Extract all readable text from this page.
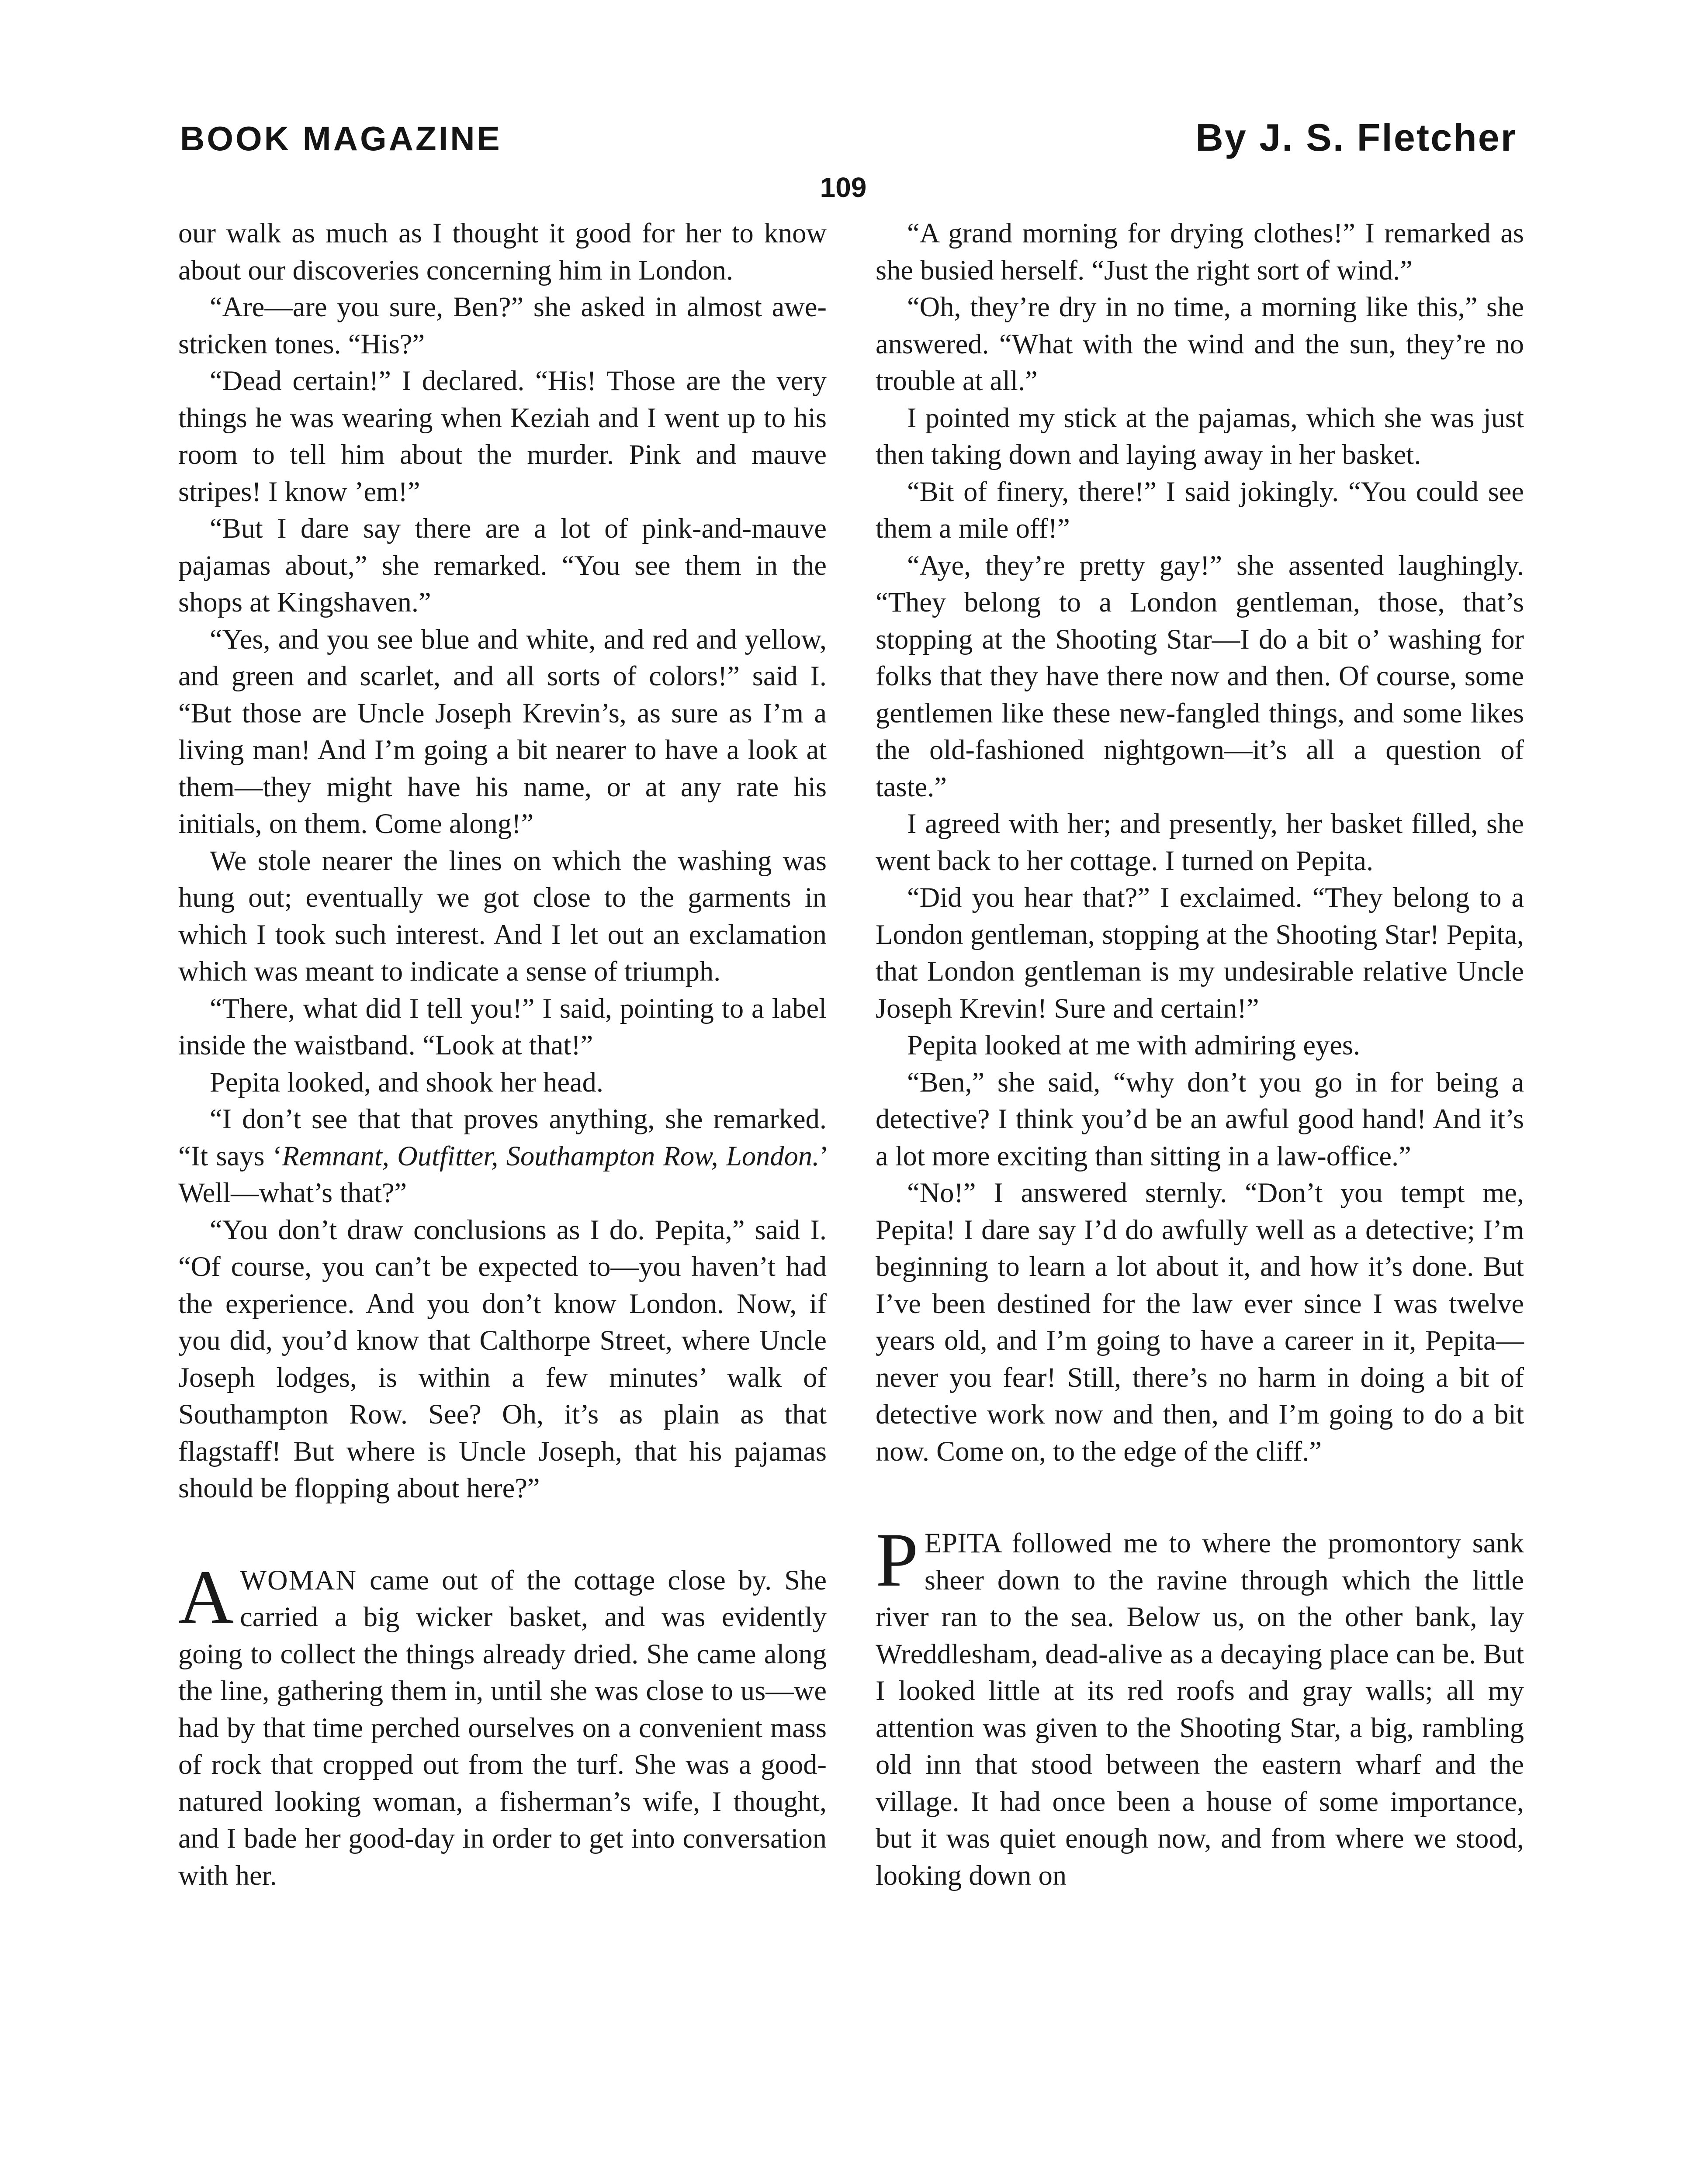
BOOK MAGAZINE	By J. S. Fletcher
109

our walk as much as I thought it good for her to know about our discoveries concerning him in London.

“Are—are you sure, Ben?” she asked in almost awe-stricken tones. “His?”

“Dead certain!” I declared. “His! Those are the very things he was wearing when Keziah and I went up to his room to tell him about the murder. Pink and mauve stripes! I know ’em!”

“But I dare say there are a lot of pink-and-mauve pajamas about,” she remarked. “You see them in the shops at Kingshaven.”

“Yes, and you see blue and white, and red and yellow, and green and scarlet, and all sorts of colors!” said I. “But those are Uncle Joseph Krevin’s, as sure as I’m a living man! And I’m going a bit nearer to have a look at them—they might have his name, or at any rate his initials, on them. Come along!”

We stole nearer the lines on which the washing was hung out; eventually we got close to the garments in which I took such interest. And I let out an exclamation which was meant to indicate a sense of triumph.

“There, what did I tell you!” I said, pointing to a label inside the waistband. “Look at that!”

Pepita looked, and shook her head.

“I don’t see that that proves anything, she remarked. “It says ‘Remnant, Outfitter, Southampton Row, London.’ Well—what’s that?”

“You don’t draw conclusions as I do. Pepita,” said I. “Of course, you can’t be expected to—you haven’t had the experience. And you don’t know London. Now, if you did, you’d know that Calthorpe Street, where Uncle Joseph lodges, is within a few minutes’ walk of Southampton Row. See? Oh, it’s as plain as that flagstaff! But where is Uncle Joseph, that his pajamas should be flopping about here?”

AWOMAN came out of the cottage close by. She carried a big wicker basket, and was evidently going to collect the things already dried. She came along the line, gathering them in, until she was close to us—we had by that time perched ourselves on a convenient mass of rock that cropped out from the turf. She was a good-natured looking woman, a fisherman’s wife, I thought, and I bade her good-day in order to get into conversation with her.

“A grand morning for drying clothes!” I remarked as she busied herself. “Just the right sort of wind.”

“Oh, they’re dry in no time, a morning like this,” she answered. “What with the wind and the sun, they’re no trouble at all.”

I pointed my stick at the pajamas, which she was just then taking down and laying away in her basket.

“Bit of finery, there!” I said jokingly. “You could see them a mile off!”

“Aye, they’re pretty gay!” she assented laughingly. “They belong to a London gentleman, those, that’s stopping at the Shooting Star—I do a bit o’ washing for folks that they have there now and then. Of course, some gentlemen like these new-fangled things, and some likes the old-fashioned nightgown—it’s all a question of taste.”

I agreed with her; and presently, her basket filled, she went back to her cottage. I turned on Pepita.

“Did you hear that?” I exclaimed. “They belong to a London gentleman, stopping at the Shooting Star! Pepita, that London gentleman is my undesirable relative Uncle Joseph Krevin! Sure and certain!”

Pepita looked at me with admiring eyes.

“Ben,” she said, “why don’t you go in for being a detective? I think you’d be an awful good hand! And it’s a lot more exciting than sitting in a law-office.”

“No!” I answered sternly. “Don’t you tempt me, Pepita! I dare say I’d do awfully well as a detective; I’m beginning to learn a lot about it, and how it’s done. But I’ve been destined for the law ever since I was twelve years old, and I’m going to have a career in it, Pepita—never you fear! Still, there’s no harm in doing a bit of detective work now and then, and I’m going to do a bit now. Come on, to the edge of the cliff.”

PEPITA followed me to where the promontory sank sheer down to the ravine through which the little river ran to the sea. Below us, on the other bank, lay Wreddlesham, dead-alive as a decaying place can be. But I looked little at its red roofs and gray walls; all my attention was given to the Shooting Star, a big, rambling old inn that stood between the eastern wharf and the village. It had once been a house of some importance, but it was quiet enough now, and from where we stood, looking down on
